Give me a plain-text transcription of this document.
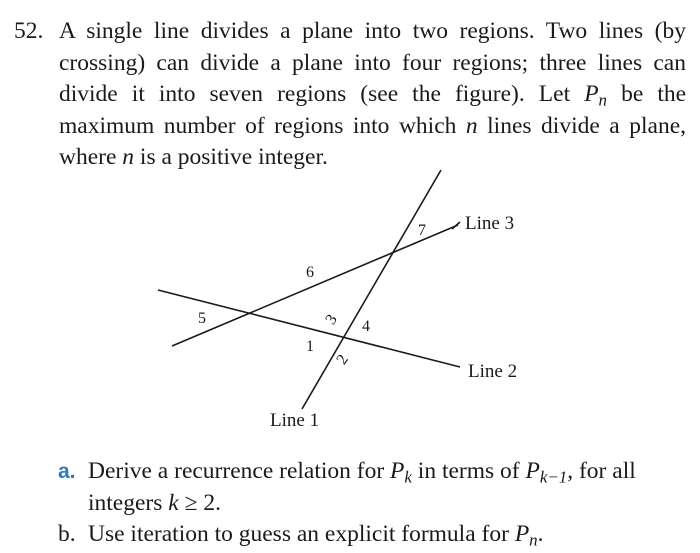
52. A single line divides a plane into two regions. Two lines (by crossing) can divide a plane into four regions; three lines can divide it into seven regions (see the figure). Let $P_n$ be the maximum number of regions into which n lines divide a plane, where n is a positive integer.
1
2
3 4
5
6
7 Line 3
Line 2
Line 1
a. Derive a recurrence relation for $P_k$ in terms of $P_{k-1}$, for all integers k ≥ 2.
b. Use iteration to guess an explicit formula for $P_n$.
